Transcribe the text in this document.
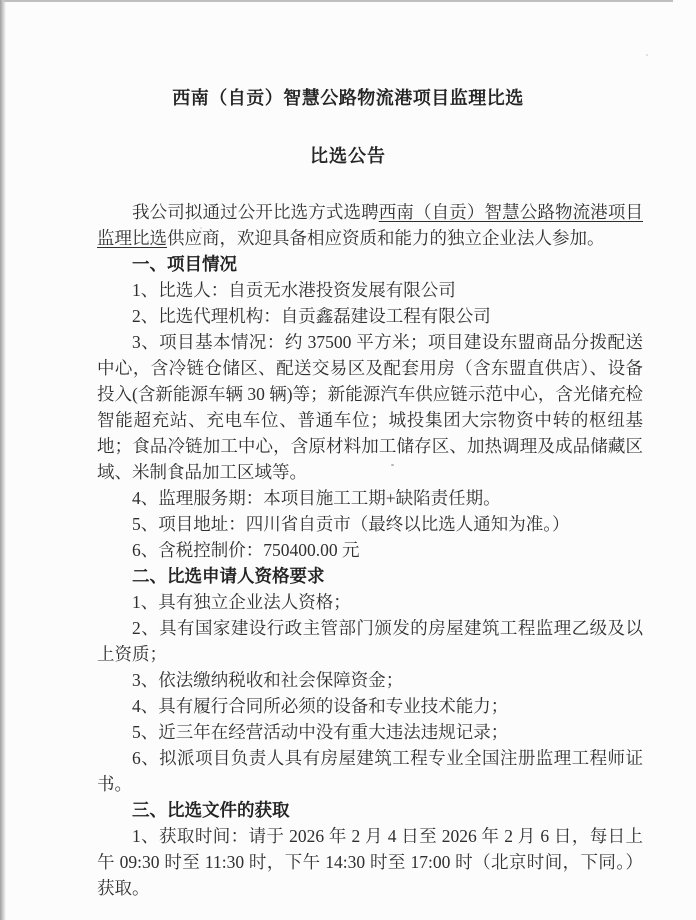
西南（自贡）智慧公路物流港项目监理比选
比选公告

我公司拟通过公开比选方式选聘西南（自贡）智慧公路物流港项目监理比选供应商，欢迎具备相应资质和能力的独立企业法人参加。

一、项目情况

1、比选人：自贡无水港投资发展有限公司

2、比选代理机构：自贡鑫磊建设工程有限公司

3、项目基本情况：约 37500 平方米；项目建设东盟商品分拨配送中心，含冷链仓储区、配送交易区及配套用房（含东盟直供店）、设备投入(含新能源车辆 30 辆)等；新能源汽车供应链示范中心，含光储充检智能超充站、充电车位、普通车位；城投集团大宗物资中转的枢纽基地；食品冷链加工中心，含原材料加工储存区、加热调理及成品储藏区域、米制食品加工区域等。

4、监理服务期：本项目施工工期+缺陷责任期。

5、项目地址：四川省自贡市（最终以比选人通知为准。）

6、含税控制价：750400.00 元

二、比选申请人资格要求

1、具有独立企业法人资格；

2、具有国家建设行政主管部门颁发的房屋建筑工程监理乙级及以上资质；

3、依法缴纳税收和社会保障资金；

4、具有履行合同所必须的设备和专业技术能力；

5、近三年在经营活动中没有重大违法违规记录；

6、拟派项目负责人具有房屋建筑工程专业全国注册监理工程师证书。

三、比选文件的获取

1、获取时间：请于 2026 年 2 月 4 日至 2026 年 2 月 6 日，每日上午 09:30 时至 11:30 时，下午 14:30 时至 17:00 时（北京时间，下同。）获取。
